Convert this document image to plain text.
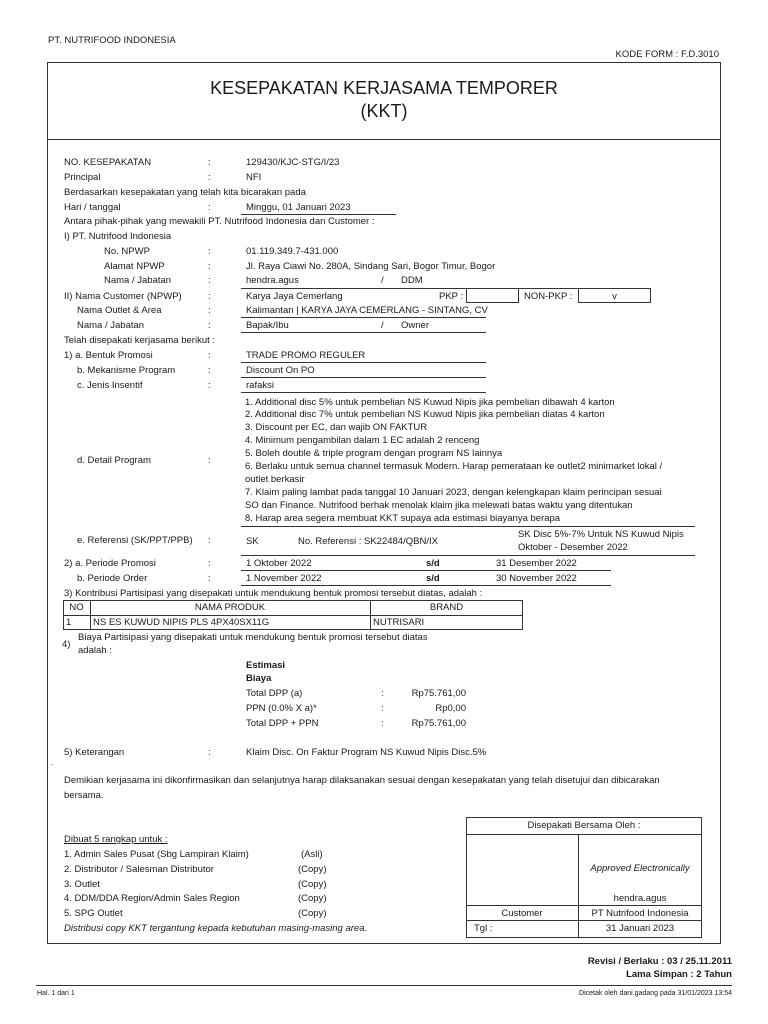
PT. NUTRIFOOD INDONESIA
KODE FORM : F.D.3010
KESEPAKATAN KERJASAMA TEMPORER
(KKT)
NO. KESEPAKATAN	:	129430/KJC-STG/I/23
Principal	:	NFI
Berdasarkan kesepakatan yang telah kita bicarakan pada
Hari / tanggal	:	Minggu, 01 Januari 2023
Antara pihak-pihak yang mewakili PT. Nutrifood Indonesia dan Customer :
I) PT. Nutrifood Indonesia
No. NPWP	:	01.119.349.7-431.000
Alamat NPWP	:	Jl. Raya Ciawi No. 280A, Sindang Sari, Bogor Timur, Bogor
Nama / Jabatan	:	hendra.agus	/ DDM
II) Nama Customer (NPWP)	:	Karya Jaya Cemerlang	PKP :	NON-PKP :	v
Nama Outlet & Area	:	Kalimantan | KARYA JAYA CEMERLANG - SINTANG, CV
Nama / Jabatan	:	Bapak/Ibu	/ Owner
Telah disepakati kerjasama berikut :
1) a. Bentuk Promosi	:	TRADE PROMO REGULER
b. Mekanisme Program	:	Discount On PO
c. Jenis Insentif	:	rafaksi
d. Detail Program	:
1. Additional disc 5% untuk pembelian NS Kuwud Nipis jika pembelian dibawah 4 karton
2. Additional disc 7% untuk pembelian NS Kuwud Nipis jika pembelian diatas 4 karton
3. Discount per EC, dan wajib ON FAKTUR
4. Minimum pengambilan dalam 1 EC adalah 2 renceng
5. Boleh double & triple program dengan program NS lainnya
6. Berlaku untuk semua channel termasuk Modern. Harap pemerataan ke outlet2 minimarket lokal /
outlet berkasir
7. Klaim paling lambat pada tanggal 10 Januari 2023, dengan kelengkapan klaim perincipan sesuai
SO dan Finance. Nutrifood berhak menolak klaim jika melewati batas waktu yang ditentukan
8. Harap area segera membuat KKT supaya ada estimasi biayanya berapa
e. Referensi (SK/PPT/PPB) :	SK	No. Referensi : SK22484/QBN/IX
SK Disc 5%-7% Untuk NS Kuwud Nipis
Oktober - Desember 2022
2) a. Periode Promosi	:	1 Oktober 2022	s/d	31 Desember 2022
b. Periode Order	:	1 November 2022	s/d	30 November 2022
3) Kontribusi Partisipasi yang disepakati untuk mendukung bentuk promosi tersebut diatas, adalah :
NO	NAMA PRODUK	BRAND
1 NS ES KUWUD NIPIS PLS 4PX40SX11G	NUTRISARI
4)
Biaya Partisipasi yang disepakati untuk mendukung bentuk promosi tersebut diatas
adalah :
Estimasi
Biaya
Total DPP (a)	:	Rp75.761,00
PPN (0.0% X a)*	:	Rp0,00
Total DPP + PPN	:	Rp75.761,00
5) Keterangan	:	Klaim Disc. On Faktur Program NS Kuwud Nipis Disc.5%
.
Demikian kerjasama ini dikonfirmasikan dan selanjutnya harap dilaksanakan sesuai dengan kesepakatan yang telah disetujui dan dibicarakan
bersama.
Dibuat 5 rangkap untuk :
1. Admin Sales Pusat (Sbg Lampiran Klaim)	(Asli)
2. Distributor / Salesman Distributor	(Copy)
3. Outlet	(Copy)
4. DDM/DDA Region/Admin Sales Region	(Copy)
5. SPG Outlet	(Copy)
Distribusi copy KKT tergantung kepada kebutuhan masing-masing area.
Disepakati Bersama Oleh :
Approved Electronically
hendra.agus
Customer	PT Nutrifood Indonesia
Tgl :	31 Januari 2023
Revisi / Berlaku : 03 / 25.11.2011
Lama Simpan : 2 Tahun
Hal. 1 dari 1	Dicetak oleh dani.gadang pada 31/01/2023 13:54
